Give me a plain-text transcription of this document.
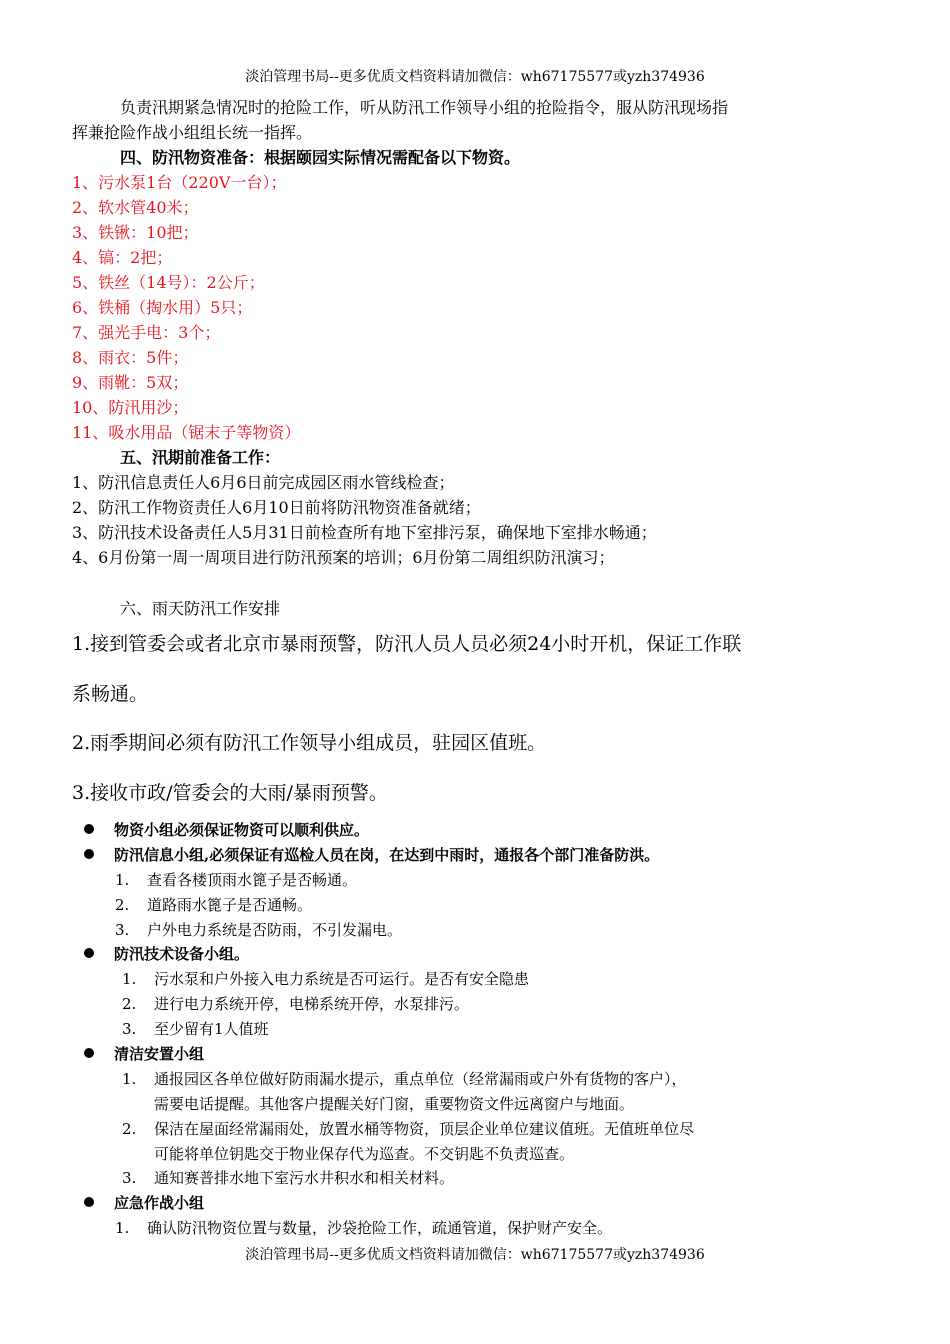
淡泊管理书局--更多优质文档资料请加微信：wh67175577或yzh374936
负责汛期紧急情况时的抢险工作，听从防汛工作领导小组的抢险指令，服从防汛现场指
挥兼抢险作战小组组长统一指挥。
四、防汛物资准备：根据颐园实际情况需配备以下物资。
1、污水泵1台（220V一台）；
2、软水管40米；
3、铁锹：10把；
4、镐：2把；
5、铁丝（14号）：2公斤；
6、铁桶（掏水用）5只；
7、强光手电：3个；
8、雨衣：5件；
9、雨靴：5双；
10、防汛用沙；
11、吸水用品（锯末子等物资）
五、汛期前准备工作：
1、防汛信息责任人6月6日前完成园区雨水管线检查；
2、防汛工作物资责任人6月10日前将防汛物资准备就绪；
3、防汛技术设备责任人5月31日前检查所有地下室排污泵，确保地下室排水畅通；
4、6月份第一周一周项目进行防汛预案的培训；6月份第二周组织防汛演习；
六、雨天防汛工作安排
1.接到管委会或者北京市暴雨预警，防汛人员人员必须24小时开机，保证工作联
系畅通。
2.雨季期间必须有防汛工作领导小组成员，驻园区值班。
3.接收市政/管委会的大雨/暴雨预警。
物资小组必须保证物资可以顺利供应。
防汛信息小组,必须保证有巡检人员在岗，在达到中雨时，通报各个部门准备防洪。
1. 查看各楼顶雨水篦子是否畅通。
2. 道路雨水篦子是否通畅。
3. 户外电力系统是否防雨，不引发漏电。
防汛技术设备小组。
1. 污水泵和户外接入电力系统是否可运行。是否有安全隐患
2. 进行电力系统开停，电梯系统开停，水泵排污。
3. 至少留有1人值班
清洁安置小组
1. 通报园区各单位做好防雨漏水提示，重点单位（经常漏雨或户外有货物的客户），
需要电话提醒。其他客户提醒关好门窗，重要物资文件远离窗户与地面。
2. 保洁在屋面经常漏雨处，放置水桶等物资，顶层企业单位建议值班。无值班单位尽
可能将单位钥匙交于物业保存代为巡查。不交钥匙不负责巡查。
3. 通知赛普排水地下室污水井积水和相关材料。
应急作战小组
1. 确认防汛物资位置与数量，沙袋抢险工作，疏通管道，保护财产安全。
淡泊管理书局--更多优质文档资料请加微信：wh67175577或yzh374936
